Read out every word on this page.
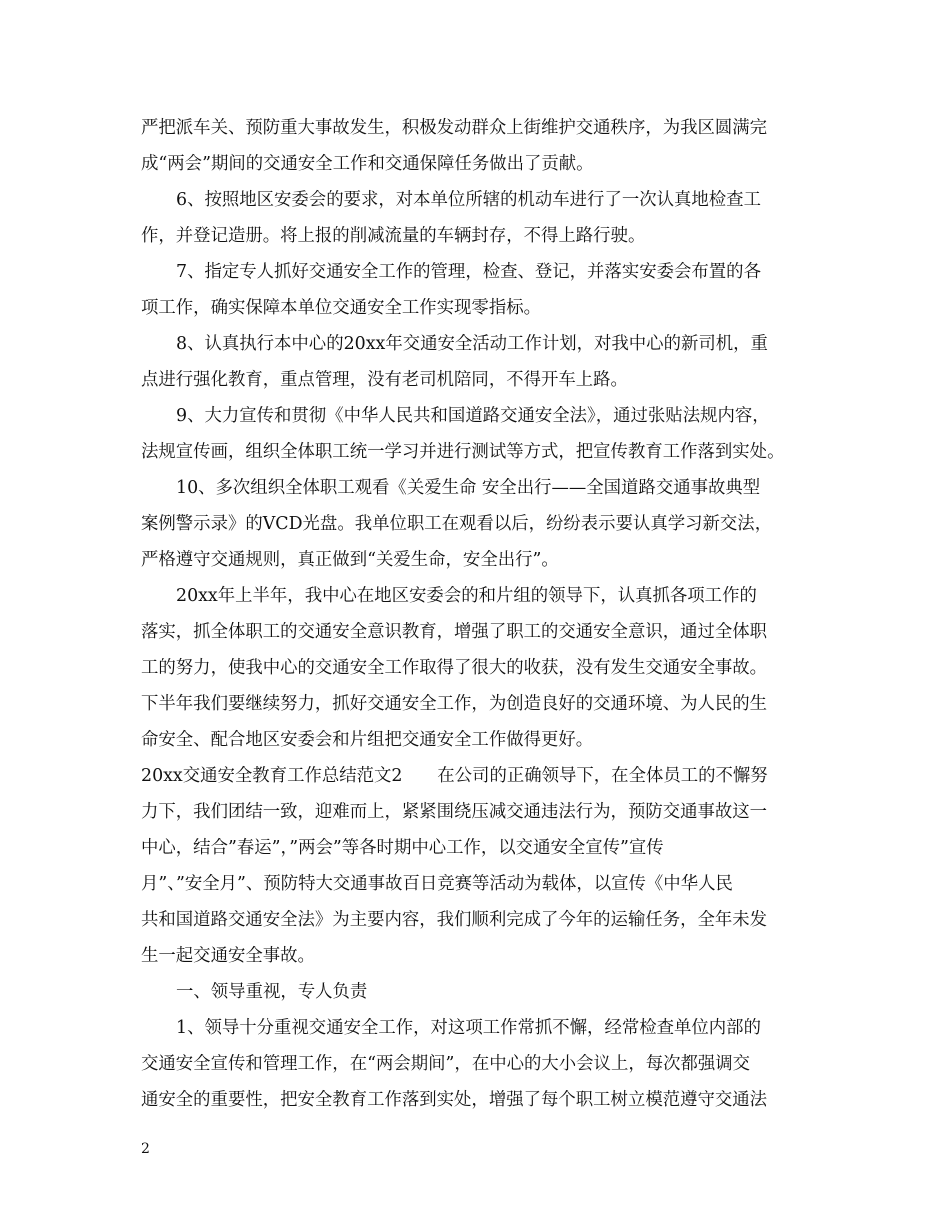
严把派车关、预防重大事故发生，积极发动群众上街维护交通秩序，为我区圆满完
成“两会”期间的交通安全工作和交通保障任务做出了贡献。
6、按照地区安委会的要求，对本单位所辖的机动车进行了一次认真地检查工
作，并登记造册。将上报的削减流量的车辆封存，不得上路行驶。
7、指定专人抓好交通安全工作的管理，检查、登记，并落实安委会布置的各
项工作，确实保障本单位交通安全工作实现零指标。
8、认真执行本中心的20xx年交通安全活动工作计划，对我中心的新司机，重
点进行强化教育，重点管理，没有老司机陪同，不得开车上路。
9、大力宣传和贯彻《中华人民共和国道路交通安全法》，通过张贴法规内容，
法规宣传画，组织全体职工统一学习并进行测试等方式，把宣传教育工作落到实处。
10、多次组织全体职工观看《关爱生命 安全出行——全国道路交通事故典型
案例警示录》的VCD光盘。我单位职工在观看以后，纷纷表示要认真学习新交法，
严格遵守交通规则，真正做到“关爱生命，安全出行”。
20xx年上半年，我中心在地区安委会的和片组的领导下，认真抓各项工作的
落实，抓全体职工的交通安全意识教育，增强了职工的交通安全意识，通过全体职
工的努力，使我中心的交通安全工作取得了很大的收获，没有发生交通安全事故。
下半年我们要继续努力，抓好交通安全工作，为创造良好的交通环境、为人民的生
命安全、配合地区安委会和片组把交通安全工作做得更好。
20xx交通安全教育工作总结范文2　　在公司的正确领导下，在全体员工的不懈努
力下，我们团结一致，迎难而上，紧紧围绕压减交通违法行为，预防交通事故这一
中心，结合”春运”，”两会”等各时期中心工作，以交通安全宣传”宣传
月”、”安全月”、预防特大交通事故百日竞赛等活动为载体，以宣传《中华人民
共和国道路交通安全法》为主要内容，我们顺利完成了今年的运输任务，全年未发
生一起交通安全事故。
一、领导重视，专人负责
1、领导十分重视交通安全工作，对这项工作常抓不懈，经常检查单位内部的
交通安全宣传和管理工作，在“两会期间”，在中心的大小会议上，每次都强调交
通安全的重要性，把安全教育工作落到实处，增强了每个职工树立模范遵守交通法
2
